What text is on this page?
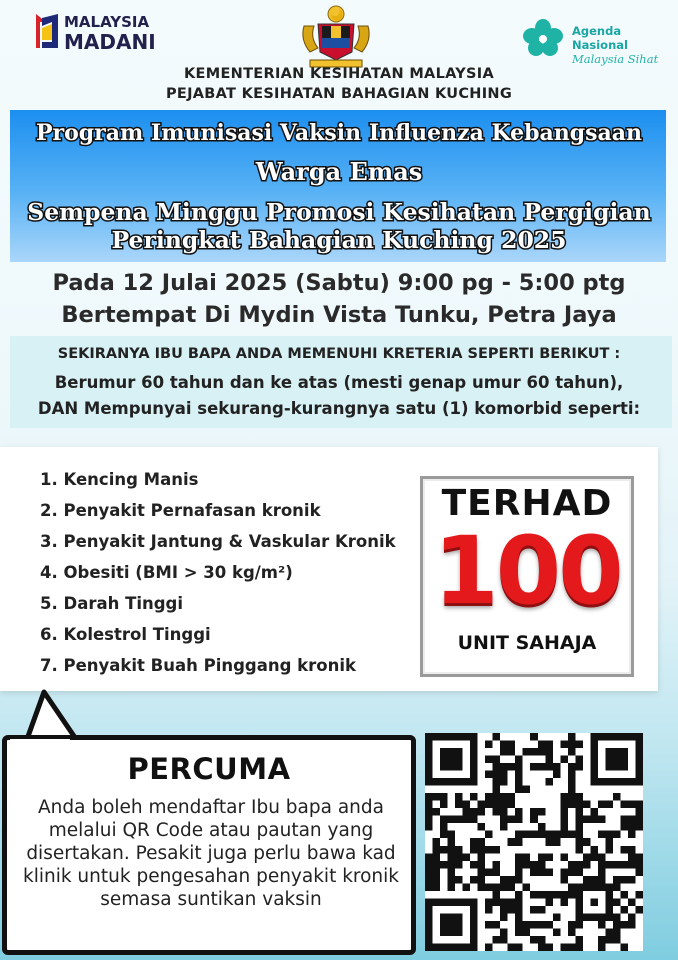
MALAYSIA
MADANI	Agenda Nasional
Malaysia Sihat
KEMENTERIAN KESIHATAN MALAYSIA
PEJABAT KESIHATAN BAHAGIAN KUCHING
Program Imunisasi Vaksin Influenza Kebangsaan
Warga Emas
Sempena Minggu Promosi Kesihatan Pergigian
Peringkat Bahagian Kuching 2025
Pada 12 Julai 2025 (Sabtu) 9:00 pg - 5:00 ptg
Bertempat Di Mydin Vista Tunku, Petra Jaya
SEKIRANYA IBU BAPA ANDA MEMENUHI KRETERIA SEPERTI BERIKUT :
Berumur 60 tahun dan ke atas (mesti genap umur 60 tahun),
DAN Mempunyai sekurang-kurangnya satu (1) komorbid seperti:
1. Kencing Manis
2. Penyakit Pernafasan kronik
3. Penyakit Jantung & Vaskular Kronik
4. Obesiti (BMI > 30 kg/m²)
5. Darah Tinggi
6. Kolestrol Tinggi
7. Penyakit Buah Pinggang kronik
TERHAD
100
UNIT SAHAJA
PERCUMA
Anda boleh mendaftar Ibu bapa anda melalui QR Code atau pautan yang disertakan. Pesakit juga perlu bawa kad klinik untuk pengesahan penyakit kronik semasa suntikan vaksin
